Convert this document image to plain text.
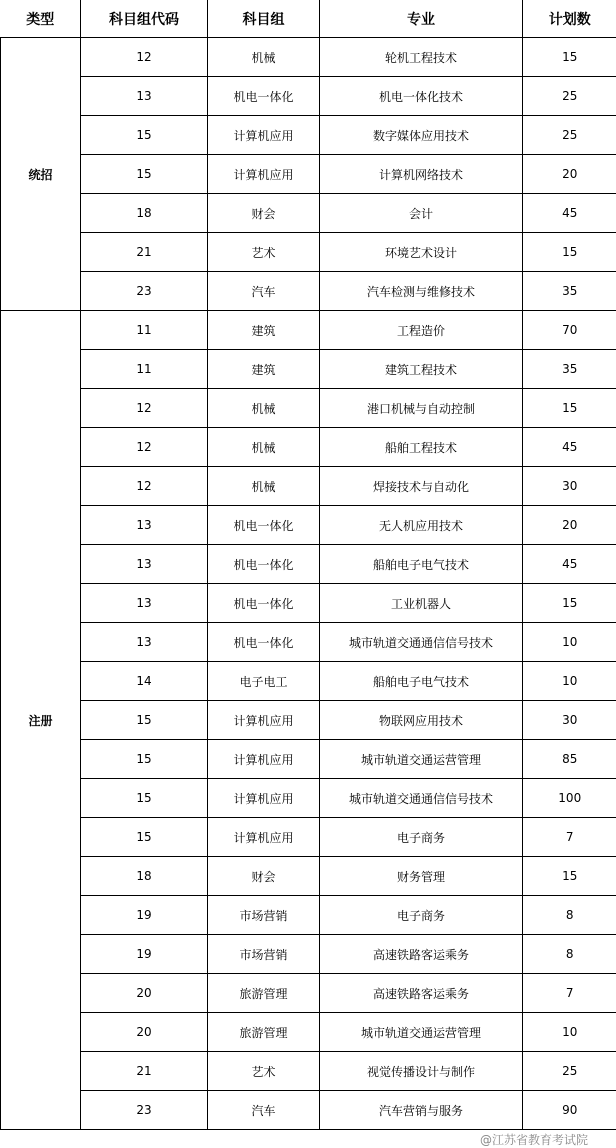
类型	科目组代码	科目组	专业	计划数
统招	12	机械	轮机工程技术	15
	13	机电一体化	机电一体化技术	25
	15	计算机应用	数字媒体应用技术	25
	15	计算机应用	计算机网络技术	20
	18	财会	会计	45
	21	艺术	环境艺术设计	15
	23	汽车	汽车检测与维修技术	35
注册	11	建筑	工程造价	70
	11	建筑	建筑工程技术	35
	12	机械	港口机械与自动控制	15
	12	机械	船舶工程技术	45
	12	机械	焊接技术与自动化	30
	13	机电一体化	无人机应用技术	20
	13	机电一体化	船舶电子电气技术	45
	13	机电一体化	工业机器人	15
	13	机电一体化	城市轨道交通通信信号技术	10
	14	电子电工	船舶电子电气技术	10
	15	计算机应用	物联网应用技术	30
	15	计算机应用	城市轨道交通运营管理	85
	15	计算机应用	城市轨道交通通信信号技术	100
	15	计算机应用	电子商务	7
	18	财会	财务管理	15
	19	市场营销	电子商务	8
	19	市场营销	高速铁路客运乘务	8
	20	旅游管理	高速铁路客运乘务	7
	20	旅游管理	城市轨道交通运营管理	10
	21	艺术	视觉传播设计与制作	25
	23	汽车	汽车营销与服务	90
@江苏省教育考试院
